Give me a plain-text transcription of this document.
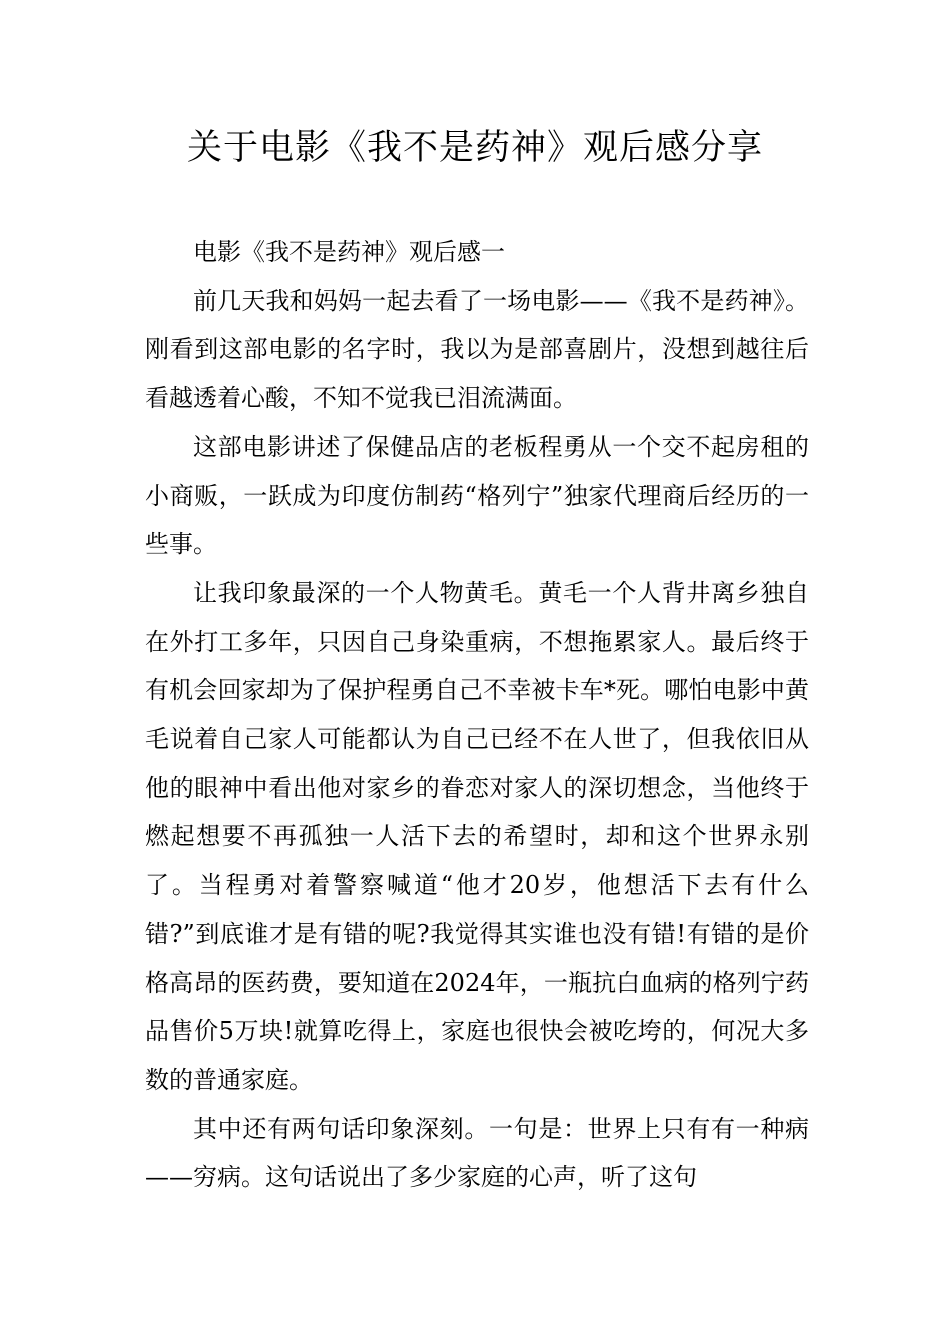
关于电影《我不是药神》观后感分享

电影《我不是药神》观后感一

前几天我和妈妈一起去看了一场电影——《我不是药神》。刚看到这部电影的名字时，我以为是部喜剧片，没想到越往后看越透着心酸，不知不觉我已泪流满面。

这部电影讲述了保健品店的老板程勇从一个交不起房租的小商贩，一跃成为印度仿制药“格列宁”独家代理商后经历的一些事。

让我印象最深的一个人物黄毛。黄毛一个人背井离乡独自在外打工多年，只因自己身染重病，不想拖累家人。最后终于有机会回家却为了保护程勇自己不幸被卡车*死。哪怕电影中黄毛说着自己家人可能都认为自己已经不在人世了，但我依旧从他的眼神中看出他对家乡的眷恋对家人的深切想念，当他终于燃起想要不再孤独一人活下去的希望时，却和这个世界永别了。当程勇对着警察喊道“他才20岁，他想活下去有什么错?”到底谁才是有错的呢?我觉得其实谁也没有错!有错的是价格高昂的医药费，要知道在2024年，一瓶抗白血病的格列宁药品售价5万块!就算吃得上，家庭也很快会被吃垮的，何况大多数的普通家庭。

其中还有两句话印象深刻。一句是：世界上只有有一种病——穷病。这句话说出了多少家庭的心声，听了这句
